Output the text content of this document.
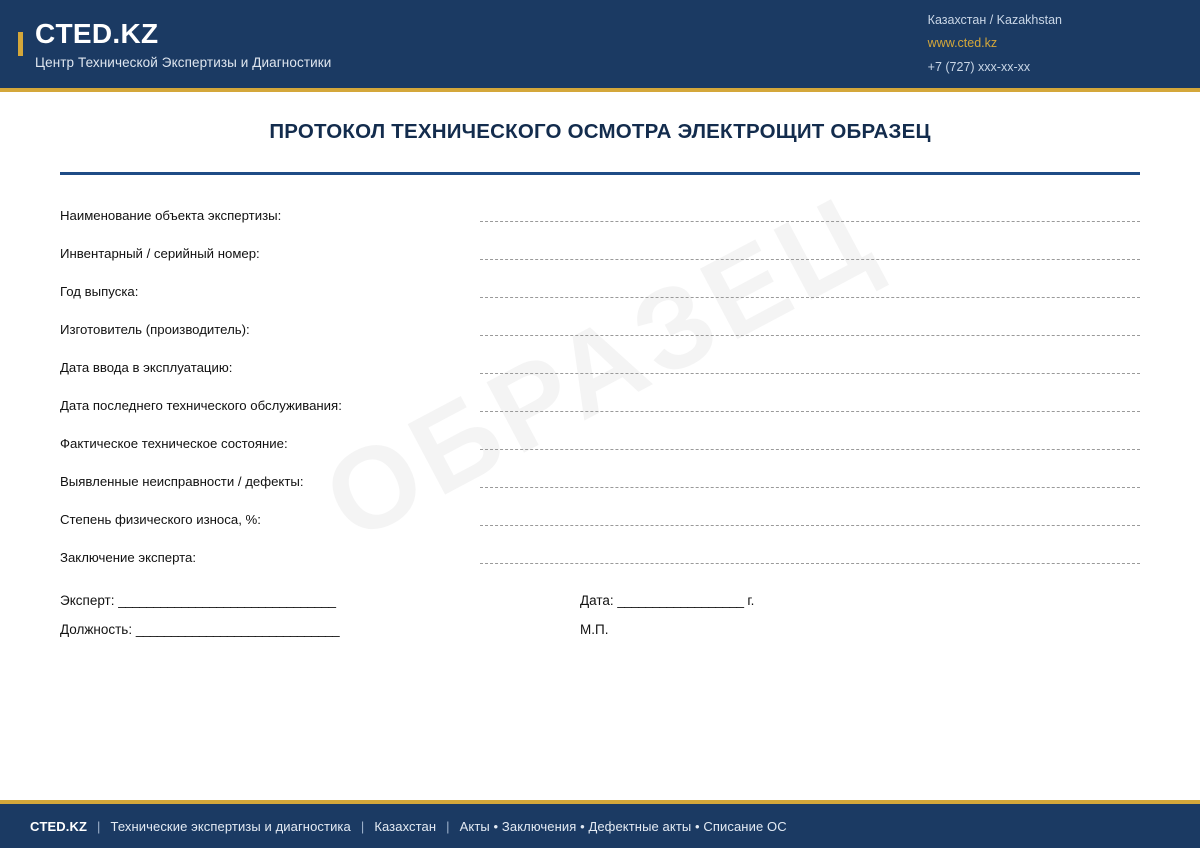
CTED.KZ
Центр Технической Экспертизы и Диагностики
Казахстан / Kazakhstan
www.cted.kz
+7 (727) xxx-xx-xx
ПРОТОКОЛ ТЕХНИЧЕСКОГО ОСМОТРА ЭЛЕКТРОЩИТ ОБРАЗЕЦ
Наименование объекта экспертизы:
Инвентарный / серийный номер:
Год выпуска:
Изготовитель (производитель):
Дата ввода в эксплуатацию:
Дата последнего технического обслуживания:
Фактическое техническое состояние:
Выявленные неисправности / дефекты:
Степень физического износа, %:
Заключение эксперта:
Эксперт: _______________________________
Должность: _____________________________
Дата: __________________ г.
М.П.
CTED.KZ | Технические экспертизы и диагностика | Казахстан | Акты • Заключения • Дефектные акты • Списание ОС
